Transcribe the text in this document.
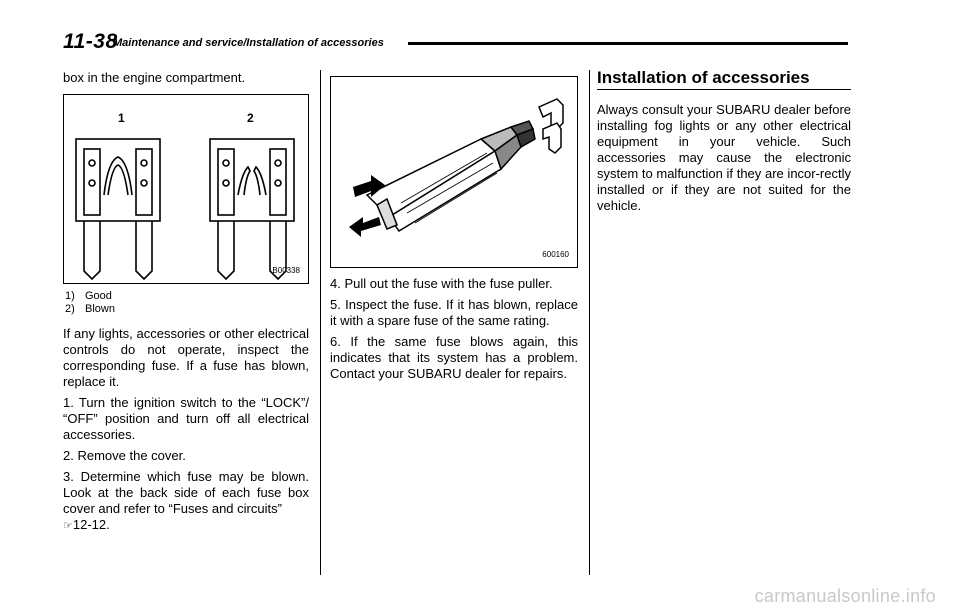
11-38
Maintenance and service/Installation of accessories

box in the engine compartment.

1	2
B00338
1) Good
2) Blown

If any lights, accessories or other electrical controls do not operate, inspect the corresponding fuse. If a fuse has blown, replace it.

1. Turn the ignition switch to the “LOCK”/ “OFF” position and turn off all electrical accessories.

2. Remove the cover.

3. Determine which fuse may be blown. Look at the back side of each fuse box cover and refer to “Fuses and circuits”
☞12-12.

600160

4. Pull out the fuse with the fuse puller.

5. Inspect the fuse. If it has blown, replace it with a spare fuse of the same rating.

6. If the same fuse blows again, this indicates that its system has a problem. Contact your SUBARU dealer for repairs.

Installation of accessories

Always consult your SUBARU dealer before installing fog lights or any other electrical equipment in your vehicle. Such accessories may cause the electronic system to malfunction if they are incor-rectly installed or if they are not suited for the vehicle.

carmanualsonline.info
